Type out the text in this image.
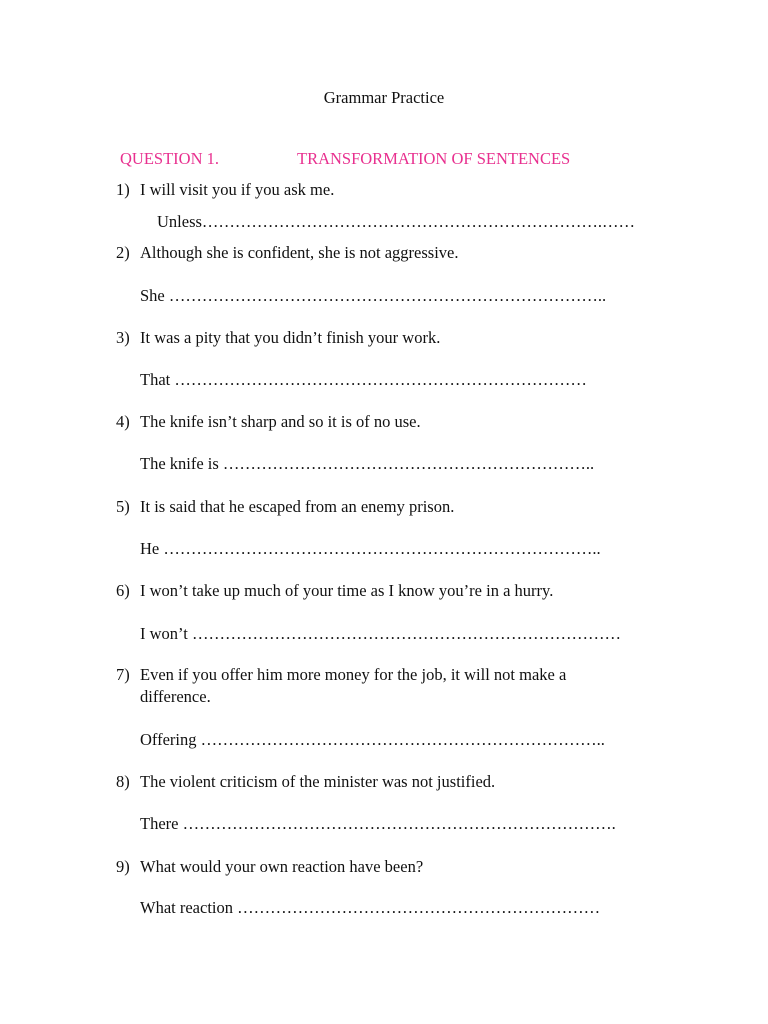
Grammar Practice
QUESTION 1.	TRANSFORMATION OF SENTENCES
1) I will visit you if you ask me.
Unless……………………………………………………………….……
2) Although she is confident, she is not aggressive.
She ……………………………………………………………………..
3) It was a pity that you didn’t finish your work.
That …………………………………………………………………
4) The knife isn’t sharp and so it is of no use.
The knife is …………………………………………………………..
5) It is said that he escaped from an enemy prison.
He ……………………………………………………………………..
6) I won’t take up much of your time as I know you’re in a hurry.
I won’t ……………………………………………………………………
7) Even if you offer him more money for the job, it will not make a
difference.
Offering ………………………………………………………………..
8) The violent criticism of the minister was not justified.
There …………………………………………………………………….
9) What would your own reaction have been?
What reaction …………………………………………………………
